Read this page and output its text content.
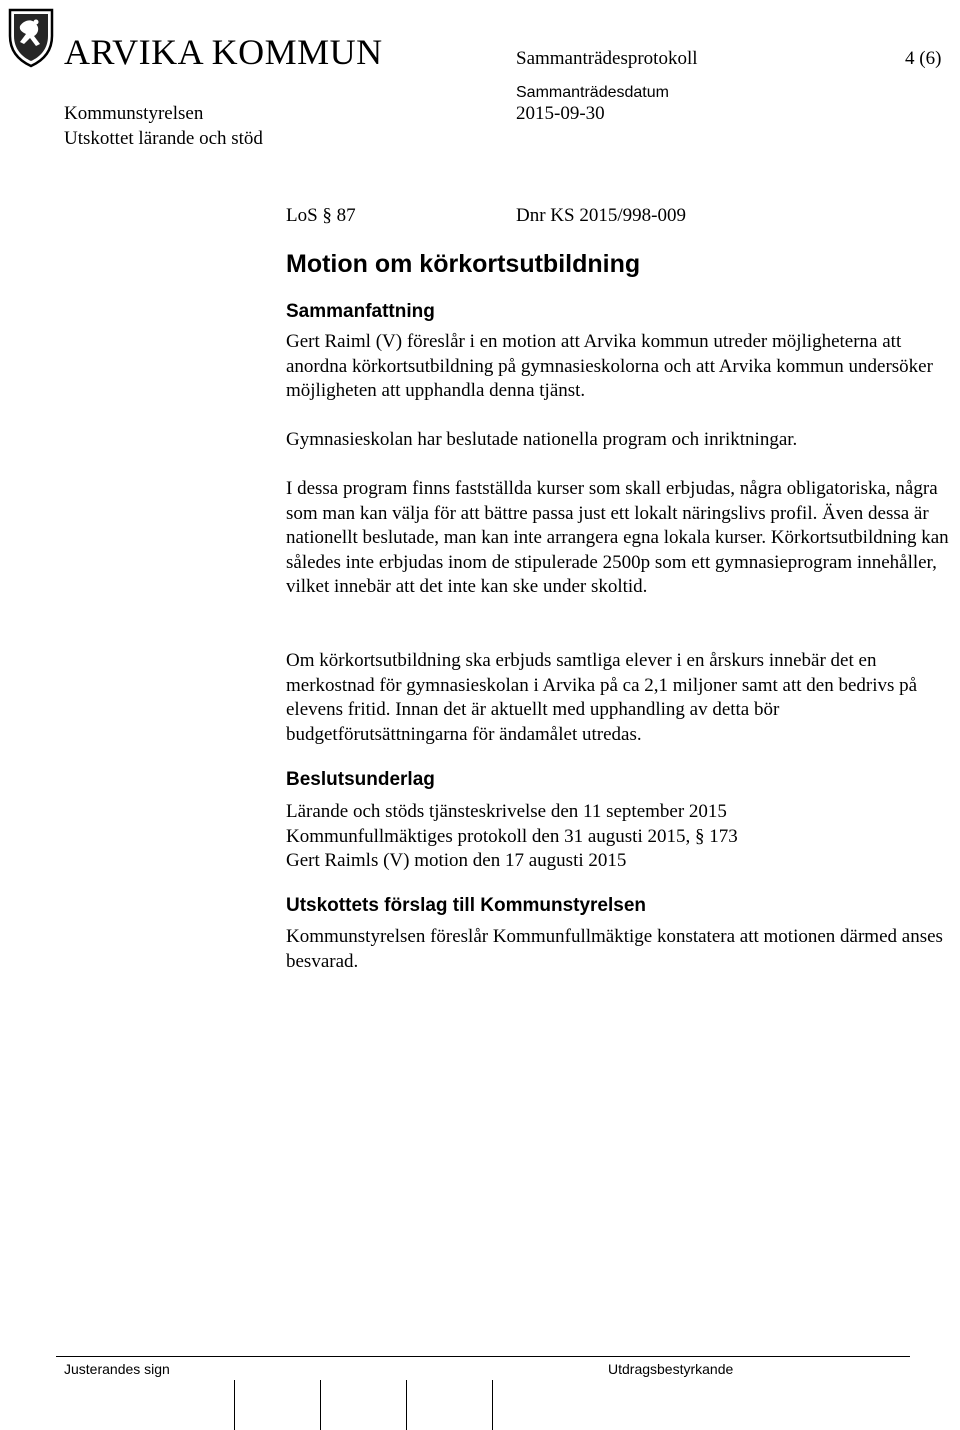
ARVIKA KOMMUN	Sammanträdesprotokoll	4 (6)
Kommunstyrelsen
Sammanträdesdatum
2015-09-30
Utskottet lärande och stöd
LoS § 87	Dnr KS 2015/998-009
Motion om körkortsutbildning
Sammanfattning

Gert Raiml (V) föreslår i en motion att Arvika kommun utreder möjligheterna att anordna körkortsutbildning på gymnasieskolorna och att Arvika kommun undersöker möjligheten att upphandla denna tjänst.

Gymnasieskolan har beslutade nationella program och inriktningar.

I dessa program finns fastställda kurser som skall erbjudas, några obligatoriska, några som man kan välja för att bättre passa just ett lokalt näringslivs profil. Även dessa är nationellt beslutade, man kan inte arrangera egna lokala kurser. Körkortsutbildning kan således inte erbjudas inom de stipulerade 2500p som ett gymnasieprogram innehåller, vilket innebär att det inte kan ske under skoltid.

Om körkortsutbildning ska erbjuds samtliga elever i en årskurs innebär det en merkostnad för gymnasieskolan i Arvika på ca 2,1 miljoner samt att den bedrivs på elevens fritid. Innan det är aktuellt med upphandling av detta bör budgetförutsättningarna för ändamålet utredas.

Beslutsunderlag

Lärande och stöds tjänsteskrivelse den 11 september 2015

Kommunfullmäktiges protokoll den 31 augusti 2015, § 173

Gert Raimls (V) motion den 17 augusti 2015

Utskottets förslag till Kommunstyrelsen

Kommunstyrelsen föreslår Kommunfullmäktige konstatera att motionen därmed anses besvarad.

Justerandes sign	Utdragsbestyrkande
